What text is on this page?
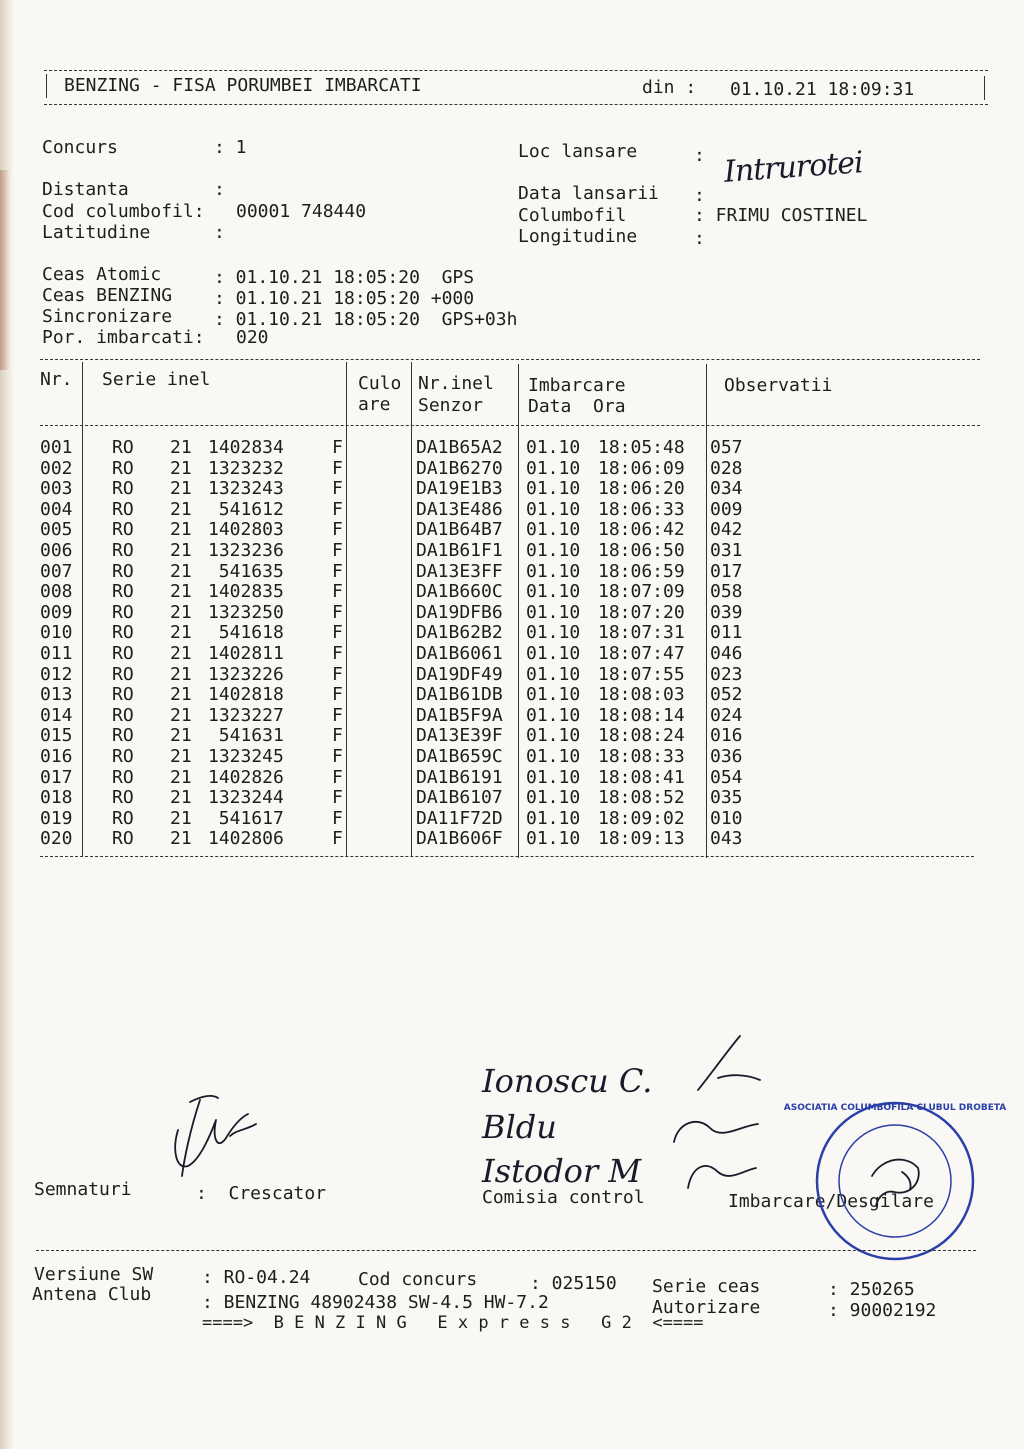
BENZING - FISA PORUMBEI IMBARCATI	din : 01.10.21 18:09:31
Concurs	: 1
Distanta	:
Cod columbofil: 00001 748440
Latitudine	:
Loc lansare	: Intrurotei
Data lansarii :
Columbofil	: FRIMU COSTINEL
Longitudine	:
Ceas Atomic	: 01.10.21 18:05:20  GPS
Ceas BENZING : 01.10.21 18:05:20 +000
Sincronizare : 01.10.21 18:05:20  GPS+03h
Por. imbarcati: 020
Nr. Serie inel	Culo
are
Nr.inel
Senzor
Imbarcare
Data  Ora
Observatii
001 RO 21 1402834	F	DA1B65A2 01.10 18:05:48 057
002 RO 21 1323232	F	DA1B6270 01.10 18:06:09 028
003 RO 21 1323243	F	DA19E1B3 01.10 18:06:20 034
004 RO 21 541612	F	DA13E486 01.10 18:06:33 009
005 RO 21 1402803	F	DA1B64B7 01.10 18:06:42 042
006 RO 21 1323236	F	DA1B61F1 01.10 18:06:50 031
007 RO 21 541635	F	DA13E3FF 01.10 18:06:59 017
008 RO 21 1402835	F	DA1B660C 01.10 18:07:09 058
009 RO 21 1323250	F	DA19DFB6 01.10 18:07:20 039
010 RO 21 541618	F	DA1B62B2 01.10 18:07:31 011
011 RO 21 1402811	F	DA1B6061 01.10 18:07:47 046
012 RO 21 1323226	F	DA19DF49 01.10 18:07:55 023
013 RO 21 1402818	F	DA1B61DB 01.10 18:08:03 052
014 RO 21 1323227	F	DA1B5F9A 01.10 18:08:14 024
015 RO 21 541631	F	DA13E39F 01.10 18:08:24 016
016 RO 21 1323245	F	DA1B659C 01.10 18:08:33 036
017 RO 21 1402826	F	DA1B6191 01.10 18:08:41 054
018 RO 21 1323244	F	DA1B6107 01.10 18:08:52 035
019 RO 21 541617	F	DA11F72D 01.10 18:09:02 010
020 RO 21 1402806	F	DA1B606F 01.10 18:09:13 043
Semnaturi	:  Crescator	Comisia control	Imbarcare/Desgilare
Ionoscu C.
Bldu
Istodor M
ASOCIATIA COLUMBOFILA CLUBUL DROBETA
Versiune SW	: RO-04.24	Cod concurs	: 025150 Serie ceas	: 250265
Antena Club	: BENZING 48902438 SW-4.5 HW-7.2	Autorizare	: 90002192
====>  B E N Z I N G   E x p r e s s   G 2  <====
